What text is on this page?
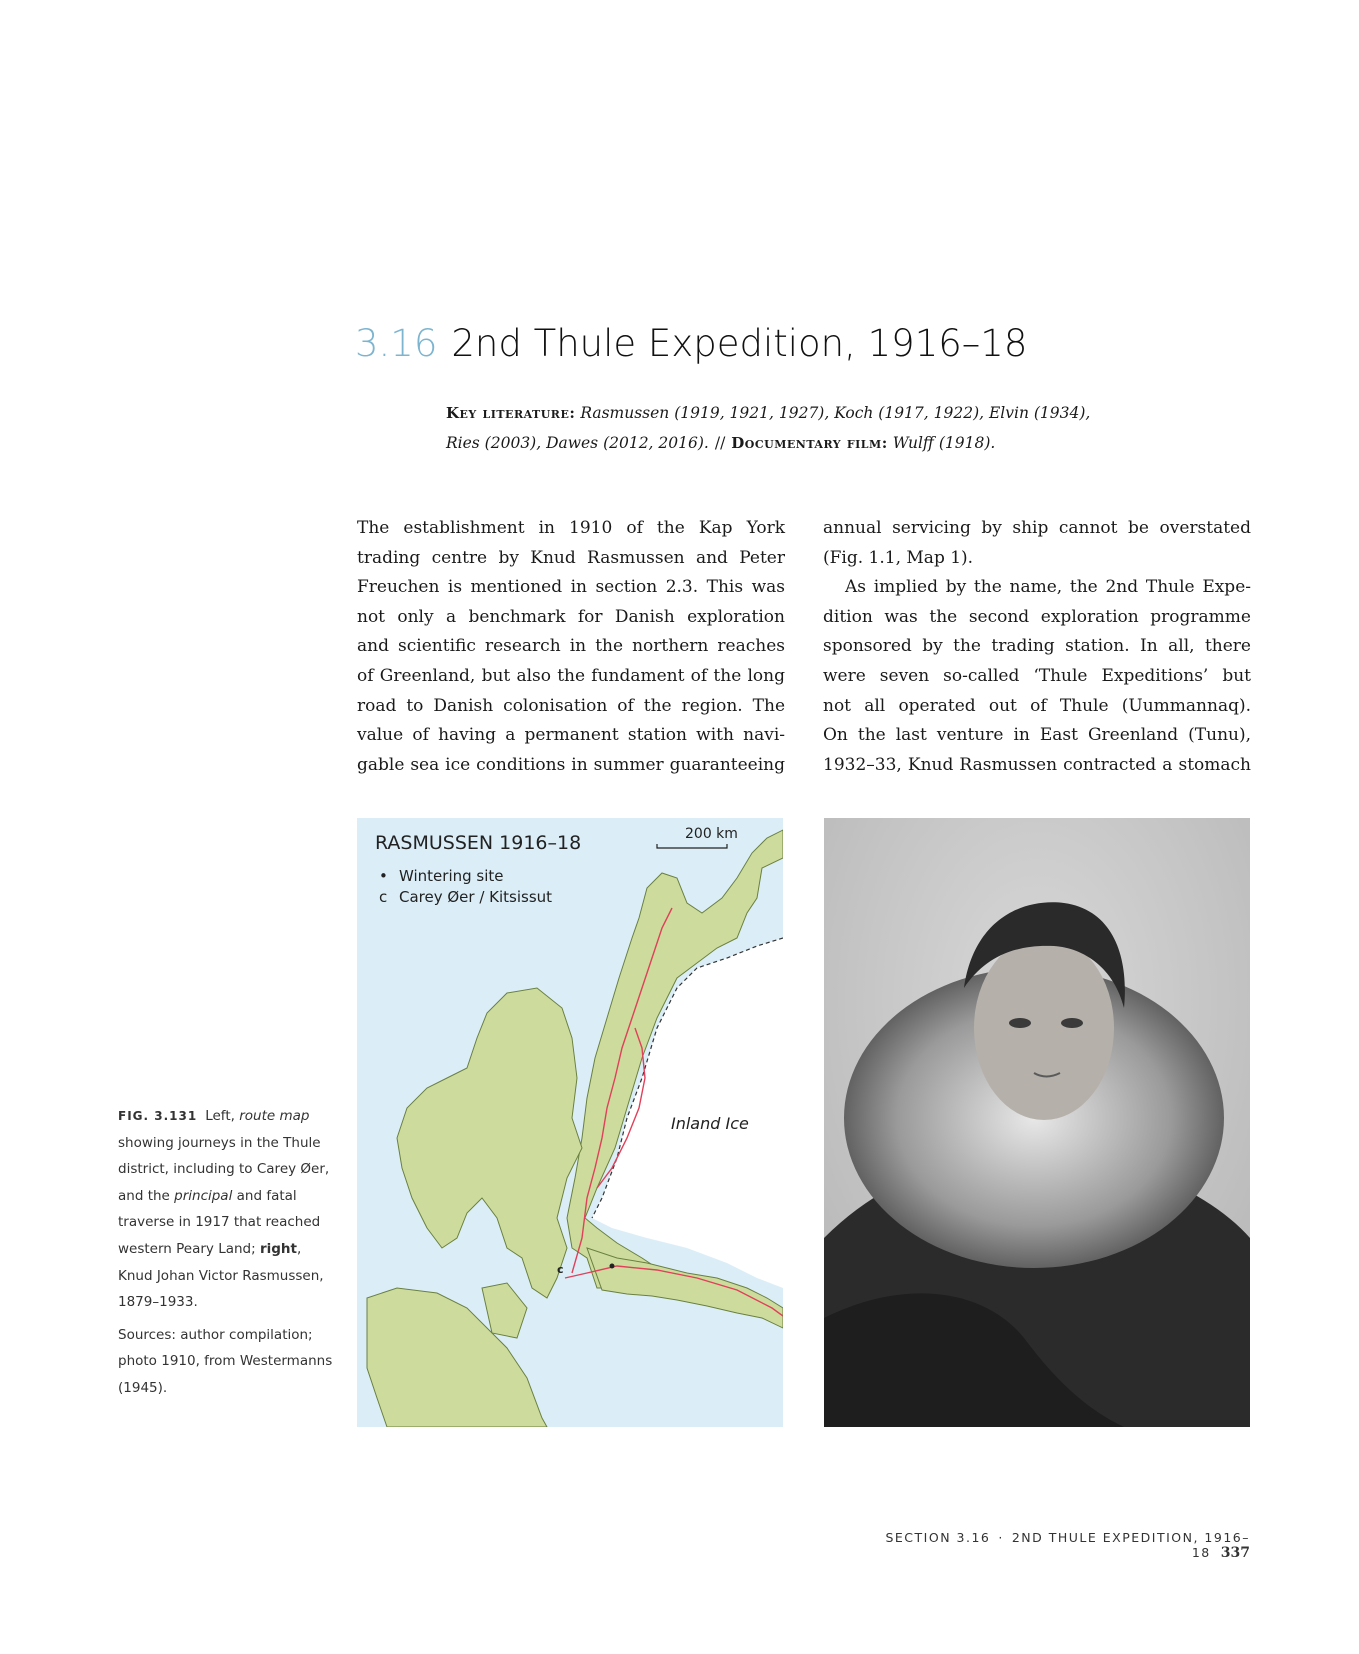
3.16 2nd Thule Expedition, 1916–18
Key literature: Rasmussen (1919, 1921, 1927), Koch (1917, 1922), Elvin (1934),
Ries (2003), Dawes (2012, 2016). // Documentary film: Wulff (1918).
The establishment in 1910 of the Kap York
trading centre by Knud Rasmussen and Peter
Freuchen is mentioned in section 2.3. This was
not only a benchmark for Danish exploration
and scientific research in the northern reaches
of Greenland, but also the fundament of the long
road to Danish colonisation of the region. The
value of having a permanent station with navi-
gable sea ice conditions in summer guaranteeing
annual servicing by ship cannot be overstated
(Fig. 1.1, Map 1).
As implied by the name, the 2nd Thule Expe-
dition was the second exploration programme
sponsored by the trading station. In all, there
were seven so-called ‘Thule Expeditions’ but
not all operated out of Thule (Uummannaq).
On the last venture in East Greenland (Tunu),
1932–33, Knud Rasmussen contracted a stomach
c
RASMUSSEN 1916–18	200 km
• Wintering site
c Carey Øer / Kitsissut
Inland Ice

FIG. 3.131 Left, route map showing journeys in the Thule district, including to Carey Øer, and the principal and fatal traverse in 1917 that reached western Peary Land; right, Knud Johan Victor Rasmussen, 1879–1933.

Sources: author compilation; photo 1910, from Westermanns (1945).

SECTION 3.16 · 2ND THULE EXPEDITION, 1916–18 337
